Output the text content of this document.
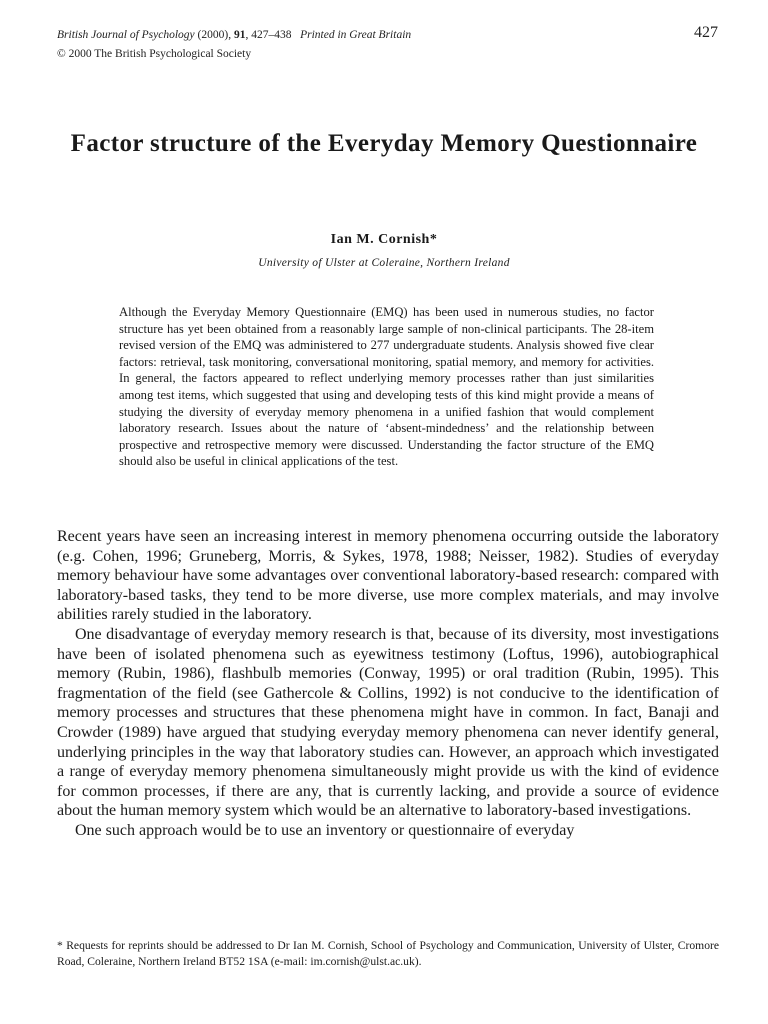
British Journal of Psychology (2000), 91, 427–438 Printed in Great Britain
© 2000 The British Psychological Society
427
Factor structure of the Everyday Memory Questionnaire
Ian M. Cornish*
University of Ulster at Coleraine, Northern Ireland

Although the Everyday Memory Questionnaire (EMQ) has been used in numerous studies, no factor structure has yet been obtained from a reasonably large sample of non-clinical participants. The 28-item revised version of the EMQ was administered to 277 undergraduate students. Analysis showed five clear factors: retrieval, task monitoring, conversational monitoring, spatial memory, and memory for activities. In general, the factors appeared to reflect underlying memory processes rather than just similarities among test items, which suggested that using and developing tests of this kind might provide a means of studying the diversity of everyday memory phenomena in a unified fashion that would complement laboratory research. Issues about the nature of ‘absent-mindedness’ and the relationship between prospective and retrospective memory were discussed. Understanding the factor structure of the EMQ should also be useful in clinical applications of the test.

Recent years have seen an increasing interest in memory phenomena occurring outside the laboratory (e.g. Cohen, 1996; Gruneberg, Morris, & Sykes, 1978, 1988; Neisser, 1982). Studies of everyday memory behaviour have some advantages over conventional laboratory-based research: compared with laboratory-based tasks, they tend to be more diverse, use more complex materials, and may involve abilities rarely studied in the laboratory.

One disadvantage of everyday memory research is that, because of its diversity, most investigations have been of isolated phenomena such as eyewitness testimony (Loftus, 1996), autobiographical memory (Rubin, 1986), flashbulb memories (Conway, 1995) or oral tradition (Rubin, 1995). This fragmentation of the field (see Gathercole & Collins, 1992) is not conducive to the identification of memory processes and structures that these phenomena might have in common. In fact, Banaji and Crowder (1989) have argued that studying everyday memory phenomena can never identify general, underlying principles in the way that laboratory studies can. However, an approach which investigated a range of everyday memory phenomena simultaneously might provide us with the kind of evidence for common processes, if there are any, that is currently lacking, and provide a source of evidence about the human memory system which would be an alternative to laboratory-based investigations.

One such approach would be to use an inventory or questionnaire of everyday

* Requests for reprints should be addressed to Dr Ian M. Cornish, School of Psychology and Communication, University of Ulster, Cromore Road, Coleraine, Northern Ireland BT52 1SA (e-mail: im.cornish@ulst.ac.uk).
